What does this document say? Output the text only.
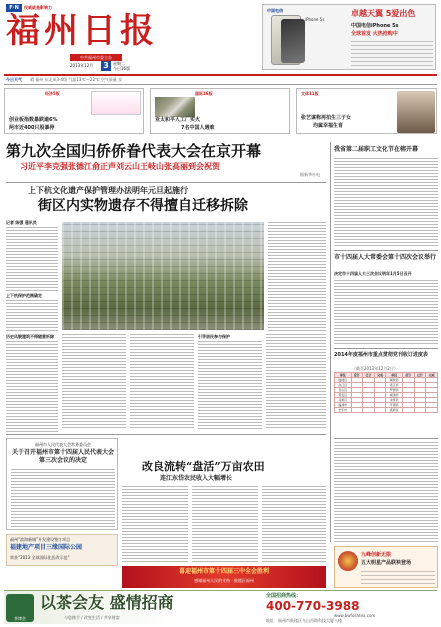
F·N	权威就是影响力
福州日报
中共福州市委主办
2013年12月	3	星期二
今日16版
中国电信
iPhone 5s
卓越天翼 5爱出色
中国电信iPhone 5s
全球首发 火热抢购中
今日天气	晴 福州 东北风3-4级 气温13℃～22℃ 空气质量 良
经济5版
创业板指数暴跌逾6%
两市近400只股暴停
国际16版
亚太和平人工厂实火
7名中国人遇难
文体11版
张艺谋称再拍生三子女
均属幸福生育
第九次全国归侨侨眷代表大会在京开幕
习近平李克强张德江俞正声刘云山王岐山张高丽到会祝贺
据新华社电
上下杭文化遗产保护管理办法明年元旦起施行
街区内实物遗存不得擅自迁移拆除
记者 陈强 通讯员
上下杭保护范围确定
历史风貌建筑不得随意拆除	引导居民参与保护
我省第二届职工文化节在榕开幕
市十四届人大常委会第十四次会议举行
决定市十四届人大三次会议明年1月5日召开
2014年度福州市重点贯彻党刊收订进度表
（截至2013年12月2日）
单位	应订	已订	完成	单位	应订	已订	完成
鼓楼区				闽侯县			
台江区				连江县			
仓山区				罗源县			
晋安区				闽清县			
马尾区				永泰县			
福清市				平潭县			
长乐市				高新区			
福州市人民代表大会常务委员会
关于召开福州市第十四届人民代表大会第三次会议的决定
福州“滨海新城”开发建设签订项目
福建地产项目三缘国际公园
荣获“2013 全球国际化医改示范”
改良流转“盘活”万亩农田
连江东岱农民收入大幅增长
喜迎福州市第十四届三中全会胜利
感谢福州人民的支持 · 鼓楼区福州
九峰创新无限
五大明星产品联袂登场
茶博会
以茶会友 盛情招商
与您携手 / 改变生活 / 共享财富
全国招商热线：
400-770-3988
www.bwfoshtea.com
地址：福州市鼓楼区乌山西路科技大厦八楼
